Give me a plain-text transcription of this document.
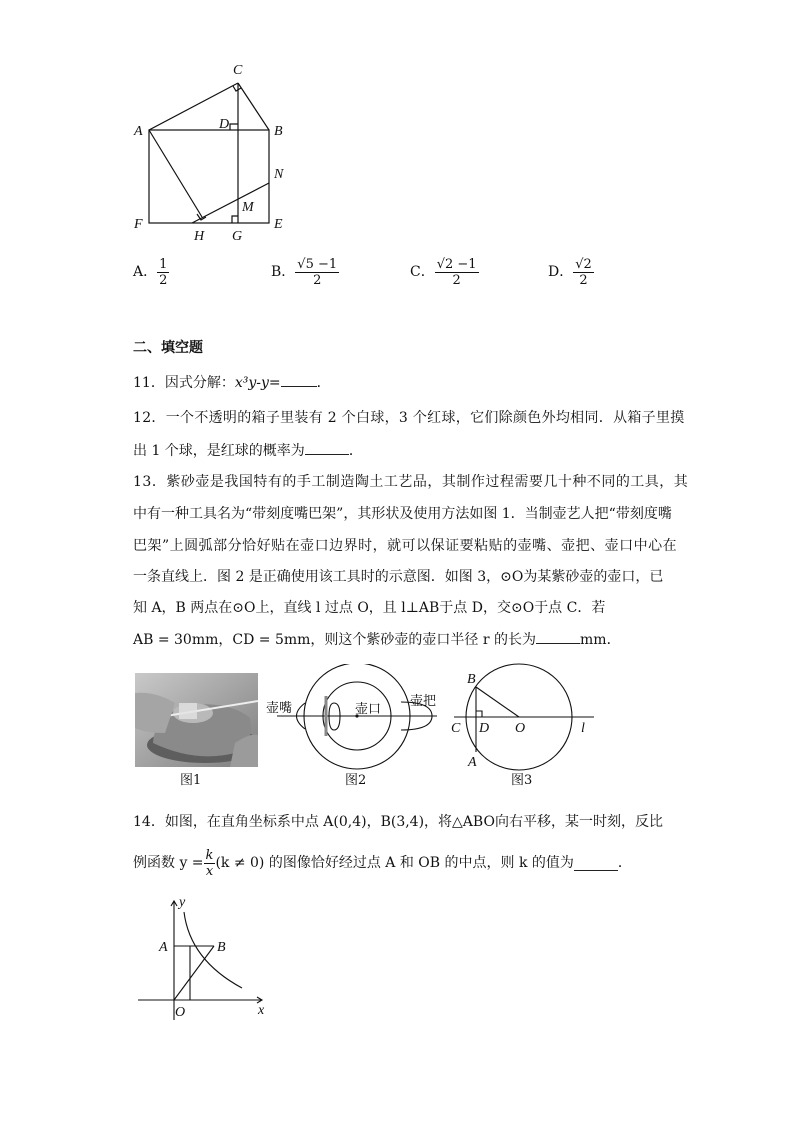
C
A	D	B
N
M
F
H G
E
A． $\frac{1}{2}$	B． $\frac{√5 -1}{2}$	C． $\frac{√2 -1}{2}$	D． $\frac{√2}{2}$
二、填空题
11．因式分解：x³y-y=	．
12．一个不透明的箱子里装有 2 个白球，3 个红球，它们除颜色外均相同．从箱子里摸
出 1 个球，是红球的概率为	．
13．紫砂壶是我国特有的手工制造陶土工艺品，其制作过程需要几十种不同的工具，其
中有一种工具名为“带刻度嘴巴架”，其形状及使用方法如图 1．当制壶艺人把“带刻度嘴
巴架”上圆弧部分恰好贴在壶口边界时，就可以保证要粘贴的壶嘴、壶把、壶口中心在
一条直线上．图 2 是正确使用该工具时的示意图．如图 3，⊙O为某紫砂壶的壶口，已
知 A，B 两点在⊙O上，直线 l 过点 O，且 l⊥AB于点 D，交⊙O于点 C．若
AB = 30mm，CD = 5mm，则这个紫砂壶的壶口半径 r 的长为	mm．
图1
壶嘴	壶口
壶把
图2
B
C D O	l
A
图3
14．如图，在直角坐标系中点 A(0,4)，B(3,4)，将△ABO向右平移，某一时刻，反比
例函数 $y = \frac{k}{x} (k \ne 0)$ 的图像恰好经过点 A 和 OB 的中点，则 k 的值为	．
y
A	B
O	x
